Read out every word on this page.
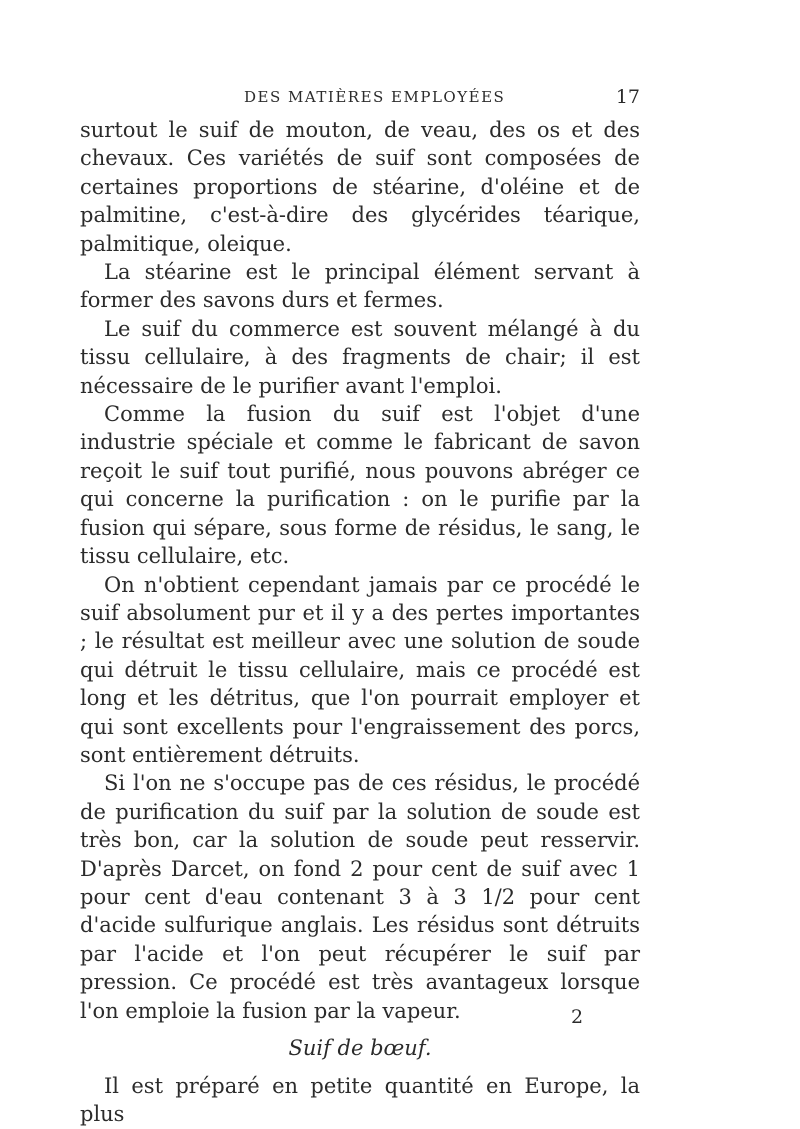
DES MATIÈRES EMPLOYÉES	17

surtout le suif de mouton, de veau, des os et des chevaux. Ces variétés de suif sont composées de certaines proportions de stéarine, d'oléine et de palmitine, c'est-à-dire des glycérides téarique, palmitique, oleique.

La stéarine est le principal élément servant à former des savons durs et fermes.

Le suif du commerce est souvent mélangé à du tissu cellulaire, à des fragments de chair; il est nécessaire de le purifier avant l'emploi.

Comme la fusion du suif est l'objet d'une industrie spéciale et comme le fabricant de savon reçoit le suif tout purifié, nous pouvons abréger ce qui concerne la purification : on le purifie par la fusion qui sépare, sous forme de résidus, le sang, le tissu cellulaire, etc.

On n'obtient cependant jamais par ce procédé le suif absolument pur et il y a des pertes importantes ; le résultat est meilleur avec une solution de soude qui détruit le tissu cellulaire, mais ce procédé est long et les détritus, que l'on pourrait employer et qui sont excellents pour l'engraissement des porcs, sont entièrement détruits.

Si l'on ne s'occupe pas de ces résidus, le procédé de purification du suif par la solution de soude est très bon, car la solution de soude peut resservir. D'après Darcet, on fond 2 pour cent de suif avec 1 pour cent d'eau contenant 3 à 3 1/2 pour cent d'acide sulfurique anglais. Les résidus sont détruits par l'acide et l'on peut récupérer le suif par pression. Ce procédé est très avantageux lorsque l'on emploie la fusion par la vapeur.

Suif de bœuf.

Il est préparé en petite quantité en Europe, la plus

2
